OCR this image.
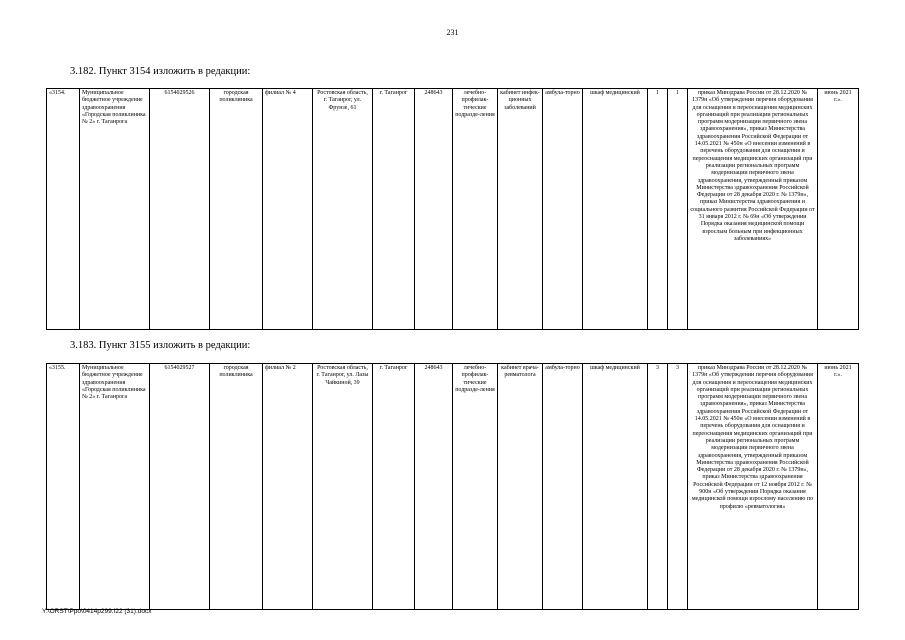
231
3.182. Пункт 3154 изложить в редакции:
«3154.	Муниципальное бюджетное учреждение здравоохранения «Городская поликлиника № 2» г. Таганрога	6154029526	городская поликлиника	филиал № 4	Ростовская область, г. Таганрог, ул. Фрунзе, 61	г. Таганрог	248643	лечебно-профилак-тические подразде-ления	кабинет инфек-ционных заболеваний	амбула-торно	шкаф медицинский	1	1	приказ Минздрава России от 28.12.2020 № 1379н «Об утверждении перечня оборудования для оснащения и переоснащения медицинских организаций при реализации региональных программ модернизации первичного звена здравоохранения», приказ Министерства здравоохранения Российской Федерации от 14.05.2021 № 450н «О внесении изменений в перечень оборудования для оснащения и переоснащения медицинских организаций при реализации региональных программ модернизации первичного звена здравоохранения, утвержденный приказом Министерства здравоохранения Российской Федерации от 28 декабря 2020 г. № 1379н», приказ Министерства здравоохранения и социального развития Российской Федерации от 31 января 2012 г. № 69н «Об утверждении Порядка оказания медицинской помощи взрослым больным при инфекционных заболеваниях»	июнь 2021 г.».
3.183. Пункт 3155 изложить в редакции:
«3155.	Муниципальное бюджетное учреждение здравоохранения «Городская поликлиника № 2» г. Таганрога	6154029527	городская поликлиника	филиал № 2	Ростовская область, г. Таганрог, ул. Лазы Чайкиной, 39	г. Таганрог	248643	лечебно-профилак-тические подразде-ления	кабинет врача-ревматолога	амбула-торно	шкаф медицинский	3	3	приказ Минздрава России от 28.12.2020 № 1379н «Об утверждении перечня оборудования для оснащения и переоснащения медицинских организаций при реализации региональных программ модернизации первичного звена здравоохранения», приказ Министерства здравоохранения Российской Федерации от 14.05.2021 № 450н «О внесении изменений в перечень оборудования для оснащения и переоснащения медицинских организаций при реализации региональных программ модернизации первичного звена здравоохранения, утвержденный приказом Министерства здравоохранения Российской Федерации от 28 декабря 2020 г. № 1379н», приказ Министерства здравоохранения Российской Федерации от 12 ноября 2012 г. № 900н «Об утверждении Порядка оказания медицинской помощи взрослому населению по профилю «ревматология»	июнь 2021 г.».
Y:\ORST\Ppo\0414p299.f22 (31).docx
